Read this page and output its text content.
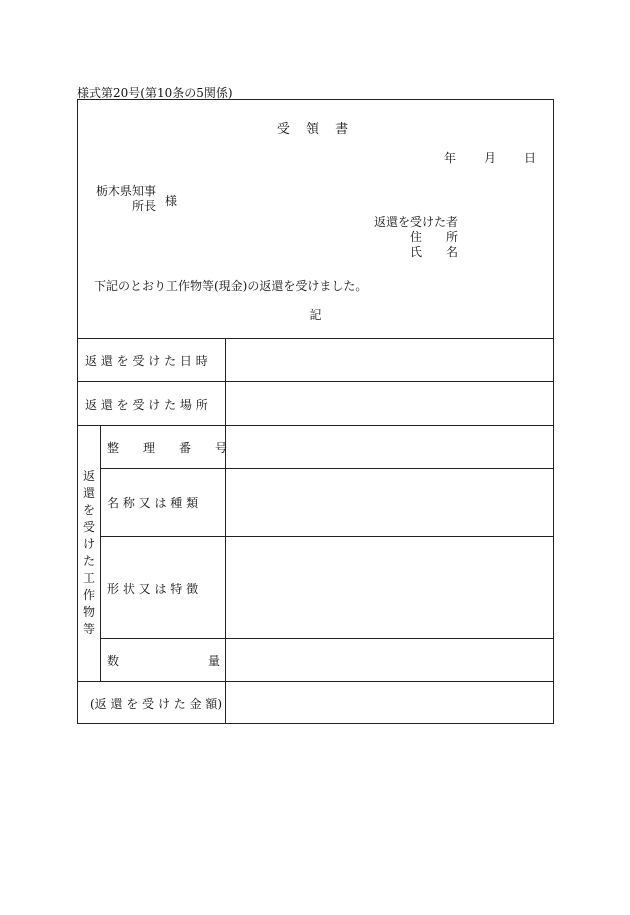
様式第20号(第10条の5関係)
受 領 書
年 月 日
栃木県知事
所長 様
返還を受けた者
住　　所
氏　　名
下記のとおり工作物等(現金)の返還を受けました。
記
返 還 を 受 け た 日 時
返 還 を 受 け た 場 所
返
還
を
受
け
た
工
作
物
等
整　　理　　番　　号
名 称 又 は 種 類
形 状 又 は 特 徴
数	量
(返 還 を 受 け た 金 額)
